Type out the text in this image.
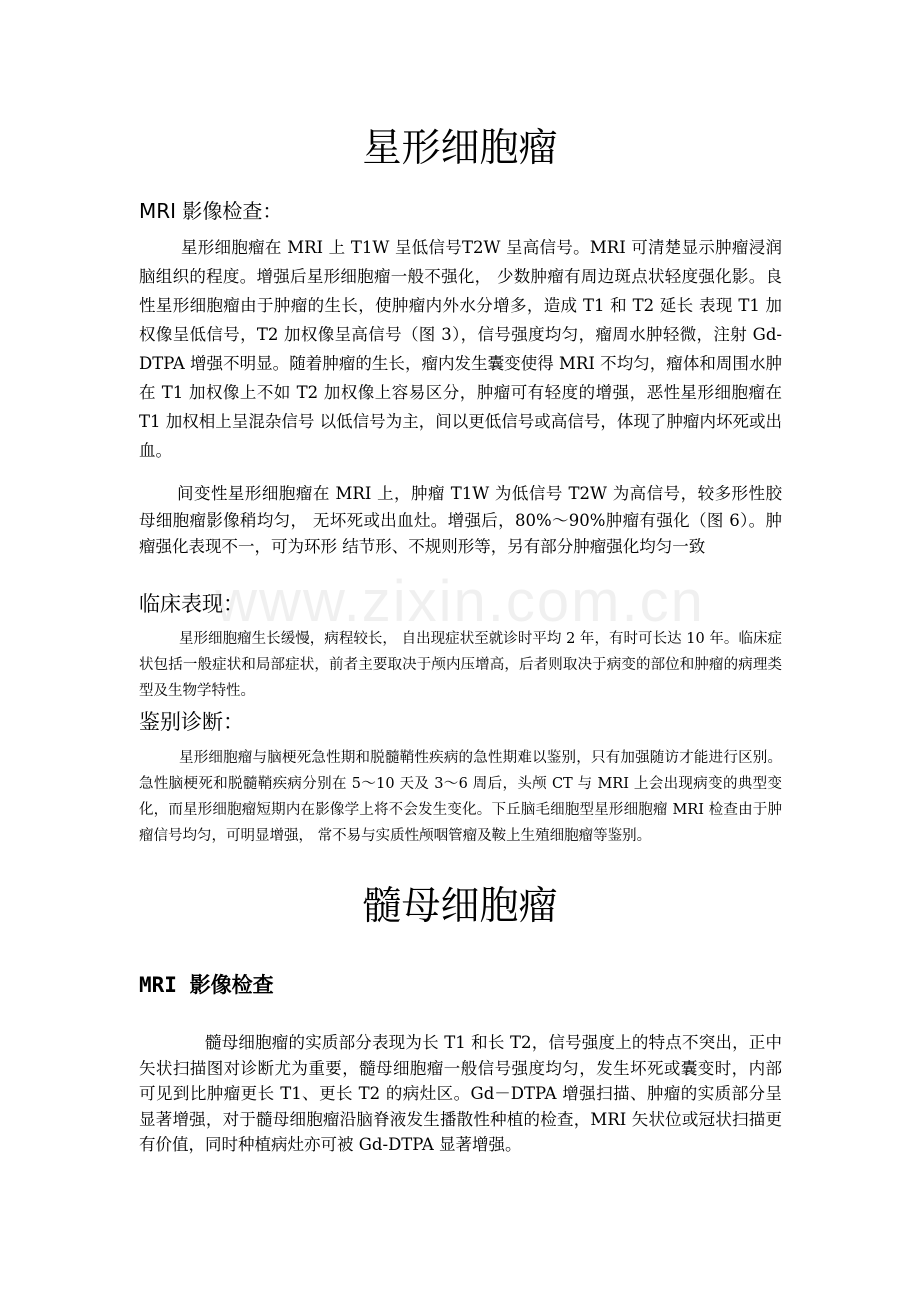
www.zixin.com.cn
星形细胞瘤
MRI 影像检查：

星形细胞瘤在 MRI 上 T1W 呈低信号T2W 呈高信号。MRI 可清楚显示肿瘤浸润脑组织的程度。增强后星形细胞瘤一般不强化， 少数肿瘤有周边斑点状轻度强化影。良性星形细胞瘤由于肿瘤的生长，使肿瘤内外水分增多，造成 T1 和 T2 延长 表现 T1 加权像呈低信号，T2 加权像呈高信号（图 3），信号强度均匀，瘤周水肿轻微，注射 Gd-DTPA 增强不明显。随着肿瘤的生长，瘤内发生囊变使得 MRI 不均匀，瘤体和周围水肿在 T1 加权像上不如 T2 加权像上容易区分，肿瘤可有轻度的增强，恶性星形细胞瘤在 T1 加权相上呈混杂信号 以低信号为主，间以更低信号或高信号，体现了肿瘤内坏死或出血。

间变性星形细胞瘤在 MRI 上，肿瘤 T1W 为低信号 T2W 为高信号，较多形性胶母细胞瘤影像稍均匀， 无坏死或出血灶。增强后，80%～90%肿瘤有强化（图 6）。肿瘤强化表现不一，可为环形 结节形、不规则形等，另有部分肿瘤强化均匀一致

临床表现：

星形细胞瘤生长缓慢，病程较长， 自出现症状至就诊时平均 2 年，有时可长达 10 年。临床症状包括一般症状和局部症状，前者主要取决于颅内压增高，后者则取决于病变的部位和肿瘤的病理类型及生物学特性。

鉴别诊断：

星形细胞瘤与脑梗死急性期和脱髓鞘性疾病的急性期难以鉴别，只有加强随访才能进行区别。急性脑梗死和脱髓鞘疾病分别在 5～10 天及 3～6 周后，头颅 CT 与 MRI 上会出现病变的典型变化，而星形细胞瘤短期内在影像学上将不会发生变化。下丘脑毛细胞型星形细胞瘤 MRI 检查由于肿瘤信号均匀，可明显增强， 常不易与实质性颅咽管瘤及鞍上生殖细胞瘤等鉴别。

髓母细胞瘤
MRI 影像检查

髓母细胞瘤的实质部分表现为长 T1 和长 T2，信号强度上的特点不突出，正中矢状扫描图对诊断尤为重要，髓母细胞瘤一般信号强度均匀，发生坏死或囊变时，内部可见到比肿瘤更长 T1、更长 T2 的病灶区。Gd－DTPA 增强扫描、肿瘤的实质部分呈显著增强，对于髓母细胞瘤沿脑脊液发生播散性种植的检查，MRI 矢状位或冠状扫描更有价值，同时种植病灶亦可被 Gd-DTPA 显著增强。
